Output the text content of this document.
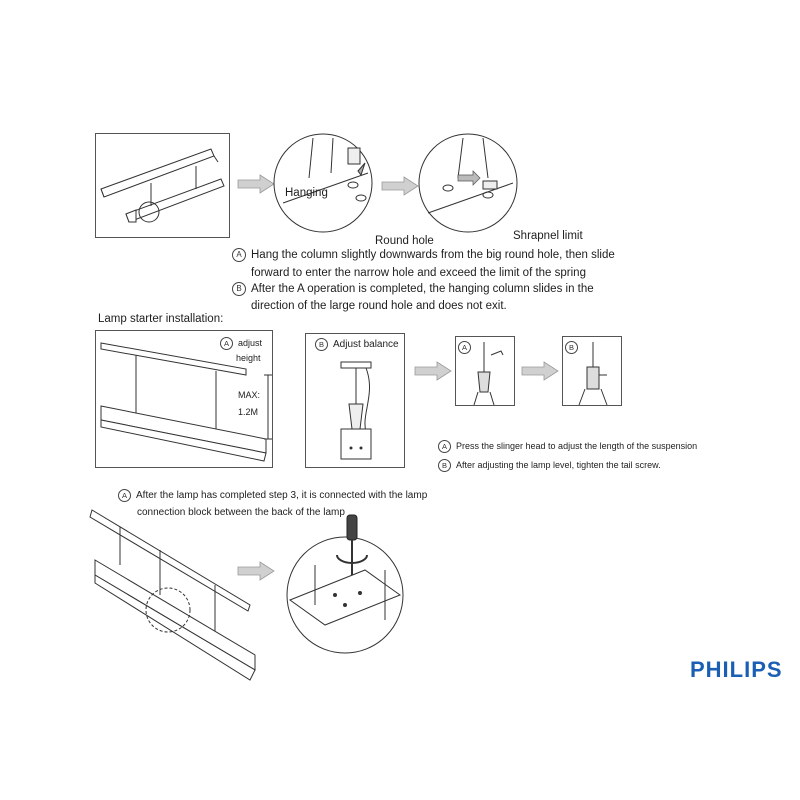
Hanging
Round hole	Shrapnel limit
A Hang the column slightly downwards from the big round hole, then slide
forward to enter the narrow hole and exceed the limit of the spring
B After the A operation is completed, the hanging column slides in the
direction of the large round hole and does not exit.
Lamp starter installation:
A adjust
height
MAX:
1.2M
B Adjust balance	A	B
A Press the slinger head to adjust the length of the suspension
B After adjusting the lamp level, tighten the tail screw.
A After the lamp has completed step 3, it is connected with the lamp
connection block between the back of the lamp
PHILIPS
